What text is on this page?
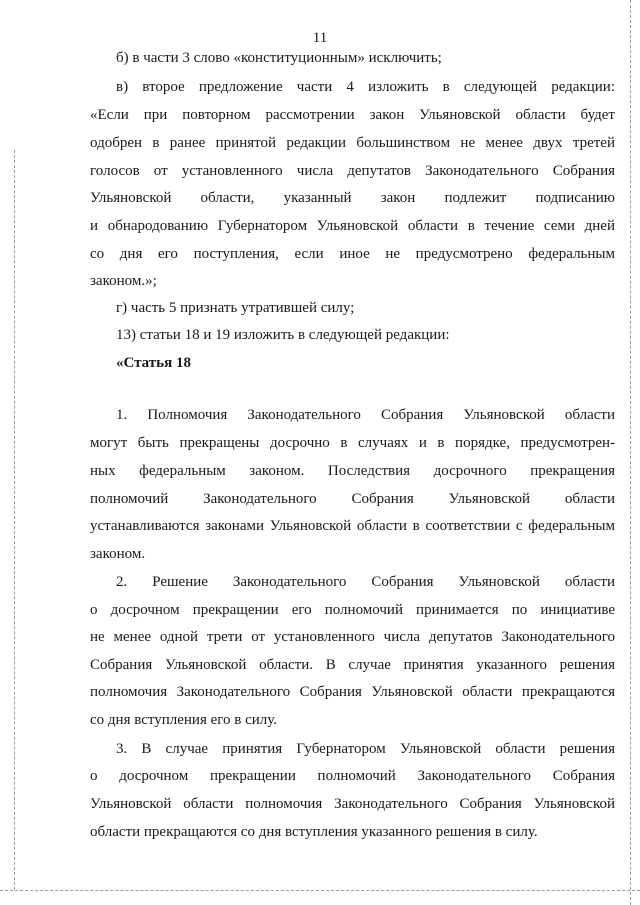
11

б) в части 3 слово «конституционным» исключить;

в) второе предложение части 4 изложить в следующей редакции:

«Если при повторном рассмотрении закон Ульяновской области будет

одобрен в ранее принятой редакции большинством не менее двух третей

голосов от установленного числа депутатов Законодательного Собрания

Ульяновской области, указанный закон подлежит подписанию

и обнародованию Губернатором Ульяновской области в течение семи дней

со дня его поступления, если иное не предусмотрено федеральным

законом.»;

г) часть 5 признать утратившей силу;

13) статьи 18 и 19 изложить в следующей редакции:

«Статья 18

1. Полномочия Законодательного Собрания Ульяновской области

могут быть прекращены досрочно в случаях и в порядке, предусмотрен-

ных федеральным законом. Последствия досрочного прекращения

полномочий Законодательного Собрания Ульяновской области

устанавливаются законами Ульяновской области в соответствии с федеральным

законом.

2. Решение Законодательного Собрания Ульяновской области

о досрочном прекращении его полномочий принимается по инициативе

не менее одной трети от установленного числа депутатов Законодательного

Собрания Ульяновской области. В случае принятия указанного решения

полномочия Законодательного Собрания Ульяновской области прекращаются

со дня вступления его в силу.

3. В случае принятия Губернатором Ульяновской области решения

о досрочном прекращении полномочий Законодательного Собрания

Ульяновской области полномочия Законодательного Собрания Ульяновской

области прекращаются со дня вступления указанного решения в силу.
